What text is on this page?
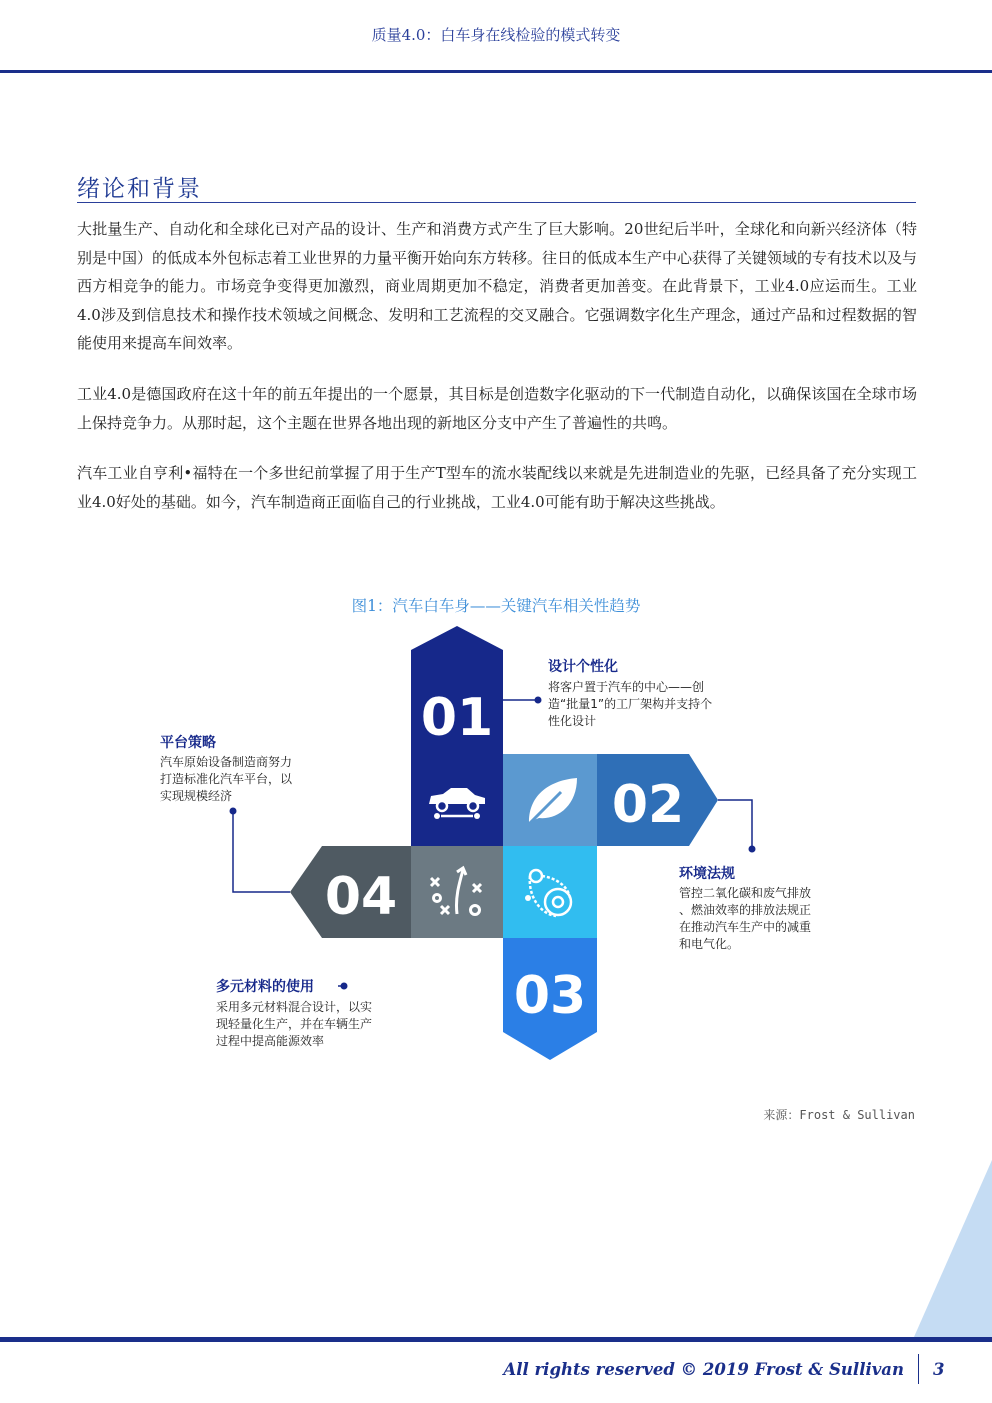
质量4.0：白车身在线检验的模式转变
绪论和背景

大批量生产、自动化和全球化已对产品的设计、生产和消费方式产生了巨大影响。20世纪后半叶，全球化和向新兴经济体（特别是中国）的低成本外包标志着工业世界的力量平衡开始向东方转移。往日的低成本生产中心获得了关键领域的专有技术以及与西方相竞争的能力。市场竞争变得更加激烈，商业周期更加不稳定，消费者更加善变。在此背景下，工业4.0应运而生。工业4.0涉及到信息技术和操作技术领域之间概念、发明和工艺流程的交叉融合。它强调数字化生产理念，通过产品和过程数据的智能使用来提高车间效率。

工业4.0是德国政府在这十年的前五年提出的一个愿景，其目标是创造数字化驱动的下一代制造自动化，以确保该国在全球市场上保持竞争力。从那时起，这个主题在世界各地出现的新地区分支中产生了普遍性的共鸣。

汽车工业自亨利•福特在一个多世纪前掌握了用于生产T型车的流水装配线以来就是先进制造业的先驱，已经具备了充分实现工业4.0好处的基础。如今，汽车制造商正面临自己的行业挑战，工业4.0可能有助于解决这些挑战。

图1：汽车白车身——关键汽车相关性趋势
01
02
03
04
设计个性化
将客户置于汽车的中心——创
造“批量1”的工厂架构并支持个
性化设计
环境法规
管控二氧化碳和废气排放
、燃油效率的排放法规正
在推动汽车生产中的减重
和电气化。
多元材料的使用
采用多元材料混合设计，以实
现轻量化生产，并在车辆生产
过程中提高能源效率
平台策略
汽车原始设备制造商努力
打造标准化汽车平台，以
实现规模经济
来源：Frost & Sullivan
All rights reserved © 2019 Frost & Sullivan 3
